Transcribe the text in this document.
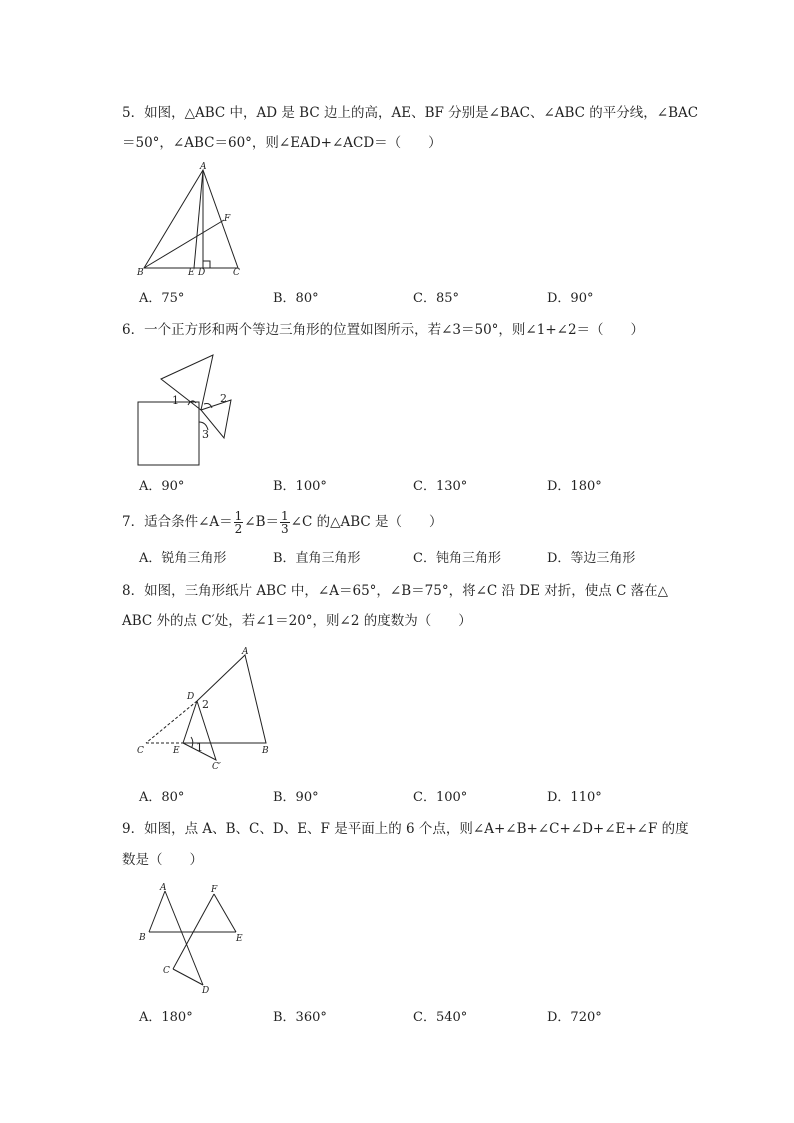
5．如图，△ABC 中，AD 是 BC 边上的高，AE、BF 分别是∠BAC、∠ABC 的平分线，∠BAC
＝50°，∠ABC＝60°，则∠EAD+∠ACD＝（　　）
A
B	C
D
E
F
A．75°	B．80°	C．85°	D．90°
6．一个正方形和两个等边三角形的位置如图所示，若∠3＝50°，则∠1+∠2＝（　　）
1	2
3
A．90°	B．100°	C．130°	D．180°
7．适合条件∠A＝ $\frac{1}{2}$ ∠B＝ $\frac{1}{3}$ ∠C 的△ABC 是（　　）
A．锐角三角形	B．直角三角形	C．钝角三角形	D．等边三角形
8．如图，三角形纸片 ABC 中，∠A＝65°，∠B＝75°，将∠C 沿 DE 对折，使点 C 落在△
ABC 外的点 C′处，若∠1＝20°，则∠2 的度数为（　　）
A
B
C
C′
D
E 1
2
A．80°	B．90°	C．100°	D．110°
9．如图，点 A、B、C、D、E、F 是平面上的 6 个点，则∠A+∠B+∠C+∠D+∠E+∠F 的度
数是（　　）
A
B
C
D
E
F
A．180°	B．360°	C．540°	D．720°
